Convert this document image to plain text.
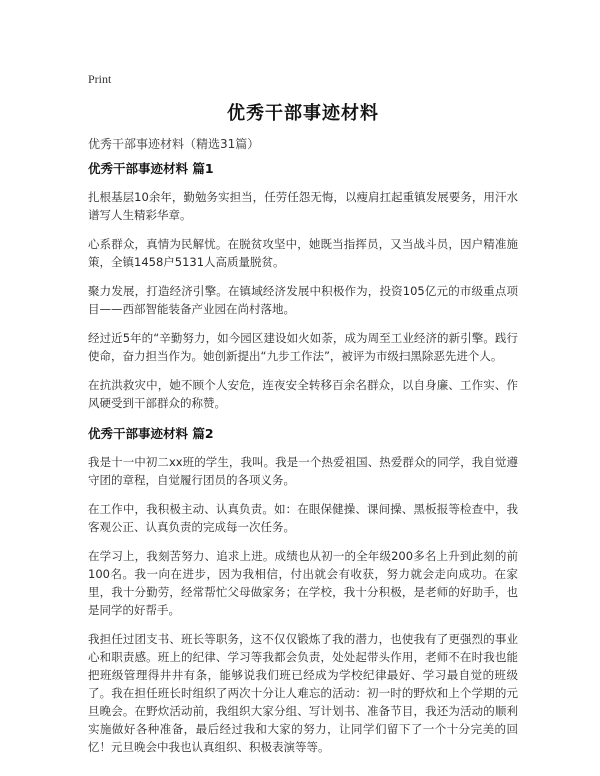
Print
优秀干部事迹材料
优秀干部事迹材料（精选31篇）
优秀干部事迹材料 篇1

扎根基层10余年，勤勉务实担当，任劳任怨无悔，以瘦肩扛起重镇发展要务，用汗水谱写人生精彩华章。

心系群众，真情为民解忧。在脱贫攻坚中，她既当指挥员，又当战斗员，因户精准施策，全镇1458户5131人高质量脱贫。

聚力发展，打造经济引擎。在镇域经济发展中积极作为，投资105亿元的市级重点项目——西部智能装备产业园在尚村落地。

经过近5年的“辛勤努力，如今园区建设如火如荼，成为周至工业经济的新引擎。践行使命，奋力担当作为。她创新提出“九步工作法”，被评为市级扫黑除恶先进个人。

在抗洪救灾中，她不顾个人安危，连夜安全转移百余名群众，以自身廉、工作实、作风硬受到干部群众的称赞。

优秀干部事迹材料 篇2

我是十一中初二xx班的学生，我叫。我是一个热爱祖国、热爱群众的同学，我自觉遵守团的章程，自觉履行团员的各项义务。

在工作中，我积极主动、认真负责。如：在眼保健操、课间操、黑板报等检查中，我客观公正、认真负责的完成每一次任务。

在学习上，我刻苦努力、追求上进。成绩也从初一的全年级200多名上升到此刻的前100名。我一向在进步，因为我相信，付出就会有收获，努力就会走向成功。在家里，我十分勤劳，经常帮忙父母做家务；在学校，我十分积极，是老师的好助手，也是同学的好帮手。

我担任过团支书、班长等职务，这不仅仅锻炼了我的潜力，也使我有了更强烈的事业心和职责感。班上的纪律、学习等我都会负责，处处起带头作用，老师不在时我也能把班级管理得井井有条，能够说我们班已经成为学校纪律最好、学习最自觉的班级了。我在担任班长时组织了两次十分让人难忘的活动：初一时的野炊和上个学期的元旦晚会。在野炊活动前，我组织大家分组、写计划书、准备节目，我还为活动的顺利实施做好各种准备，最后经过我和大家的努力，让同学们留下了一个十分完美的回忆！元旦晚会中我也认真组织、积极表演等等。
